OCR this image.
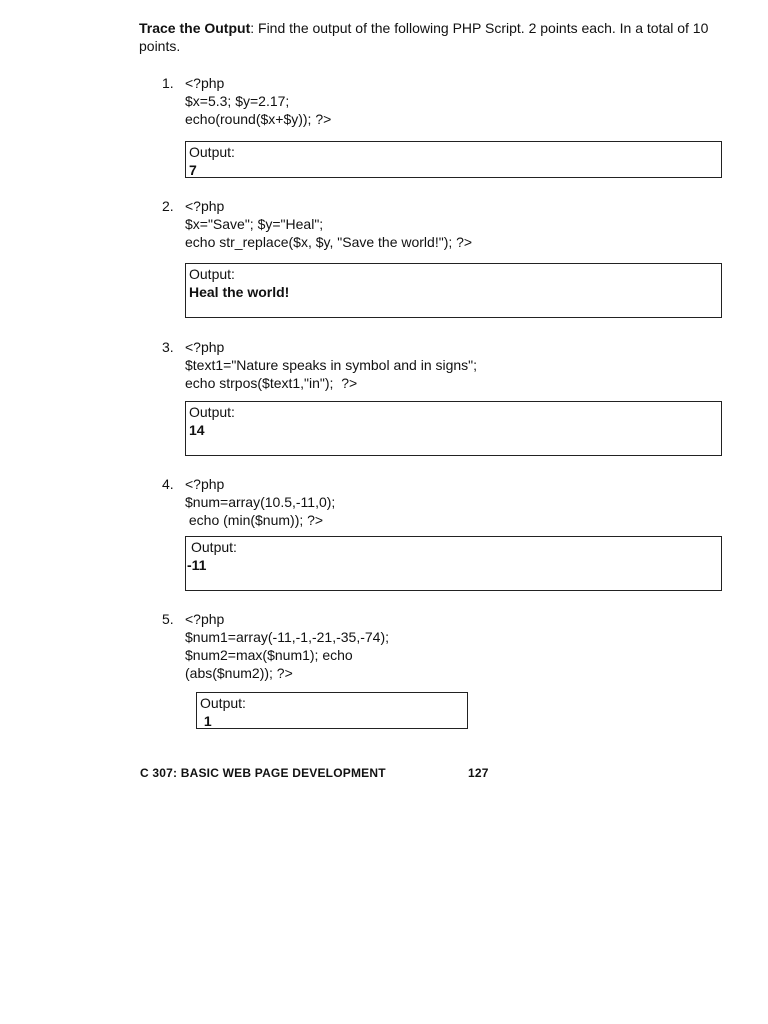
Trace the Output: Find the output of the following PHP Script. 2 points each. In a total of 10 points.
1. <?php
$x=5.3; $y=2.17;
echo(round($x+$y)); ?>
Output:
7
2. <?php
$x="Save"; $y="Heal";
echo str_replace($x, $y, "Save the world!"); ?>
Output:
Heal the world!
3. <?php
$text1="Nature speaks in symbol and in signs";
echo strpos($text1,"in");  ?>
Output:
14
4. <?php
$num=array(10.5,-11,0);
echo (min($num)); ?>
Output:
-11
5. <?php
$num1=array(-11,-1,-21,-35,-74);
$num2=max($num1); echo
(abs($num2)); ?>
Output:
1
C 307: BASIC WEB PAGE DEVELOPMENT	127
